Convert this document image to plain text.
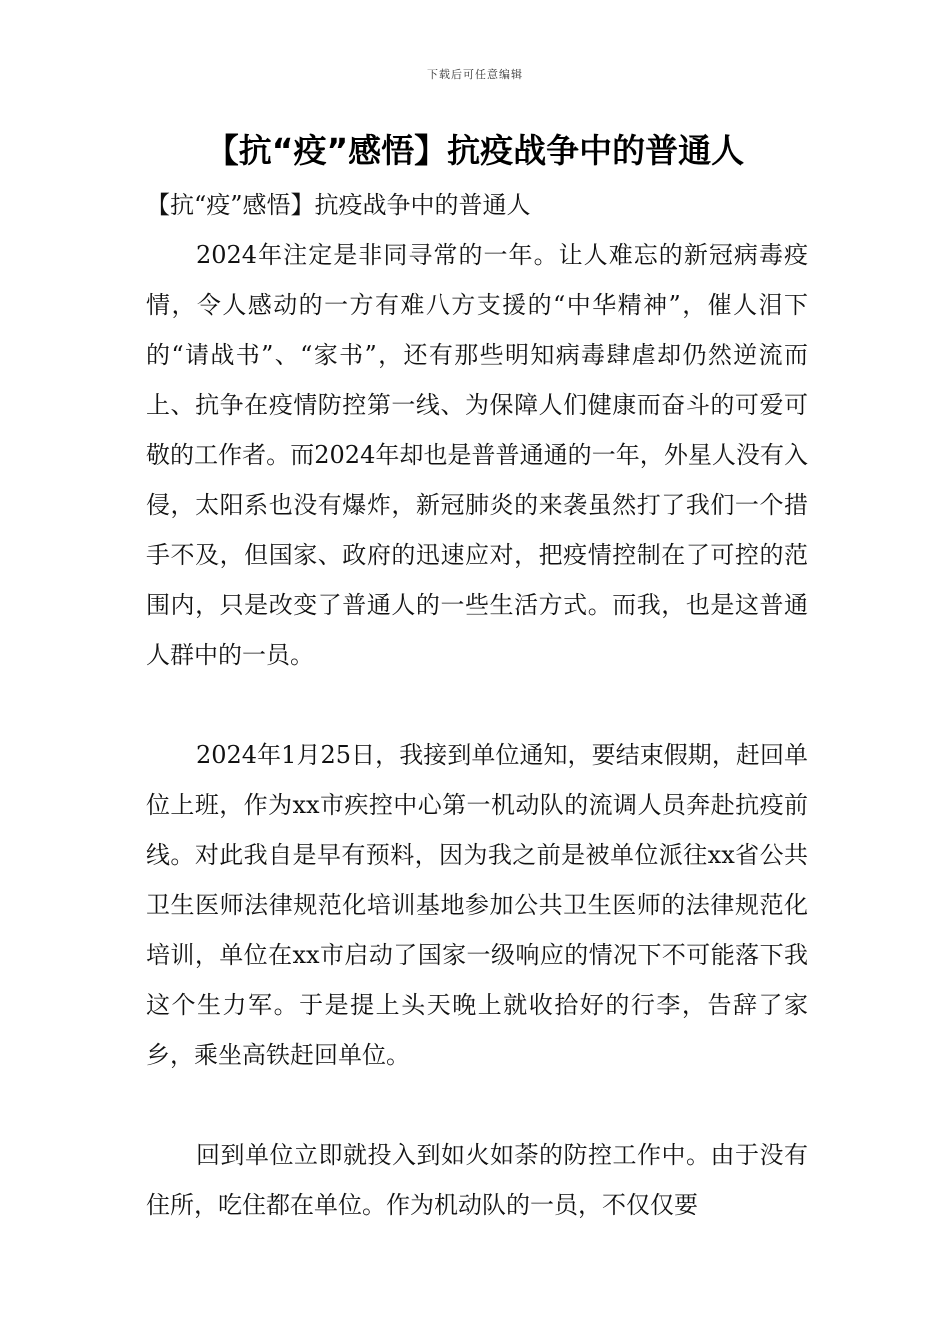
下载后可任意编辑
【抗“疫”感悟】抗疫战争中的普通人

【抗“疫”感悟】抗疫战争中的普通人

2024年注定是非同寻常的一年。让人难忘的新冠病毒疫情，令人感动的一方有难八方支援的“中华精神”，催人泪下的“请战书”、“家书”，还有那些明知病毒肆虐却仍然逆流而上、抗争在疫情防控第一线、为保障人们健康而奋斗的可爱可敬的工作者。而2024年却也是普普通通的一年，外星人没有入侵，太阳系也没有爆炸，新冠肺炎的来袭虽然打了我们一个措手不及，但国家、政府的迅速应对，把疫情控制在了可控的范围内，只是改变了普通人的一些生活方式。而我，也是这普通人群中的一员。

2024年1月25日，我接到单位通知，要结束假期，赶回单位上班，作为xx市疾控中心第一机动队的流调人员奔赴抗疫前线。对此我自是早有预料，因为我之前是被单位派往xx省公共卫生医师法律规范化培训基地参加公共卫生医师的法律规范化培训，单位在xx市启动了国家一级响应的情况下不可能落下我这个生力军。于是提上头天晚上就收拾好的行李，告辞了家乡，乘坐高铁赶回单位。

回到单位立即就投入到如火如荼的防控工作中。由于没有住所，吃住都在单位。作为机动队的一员，不仅仅要
